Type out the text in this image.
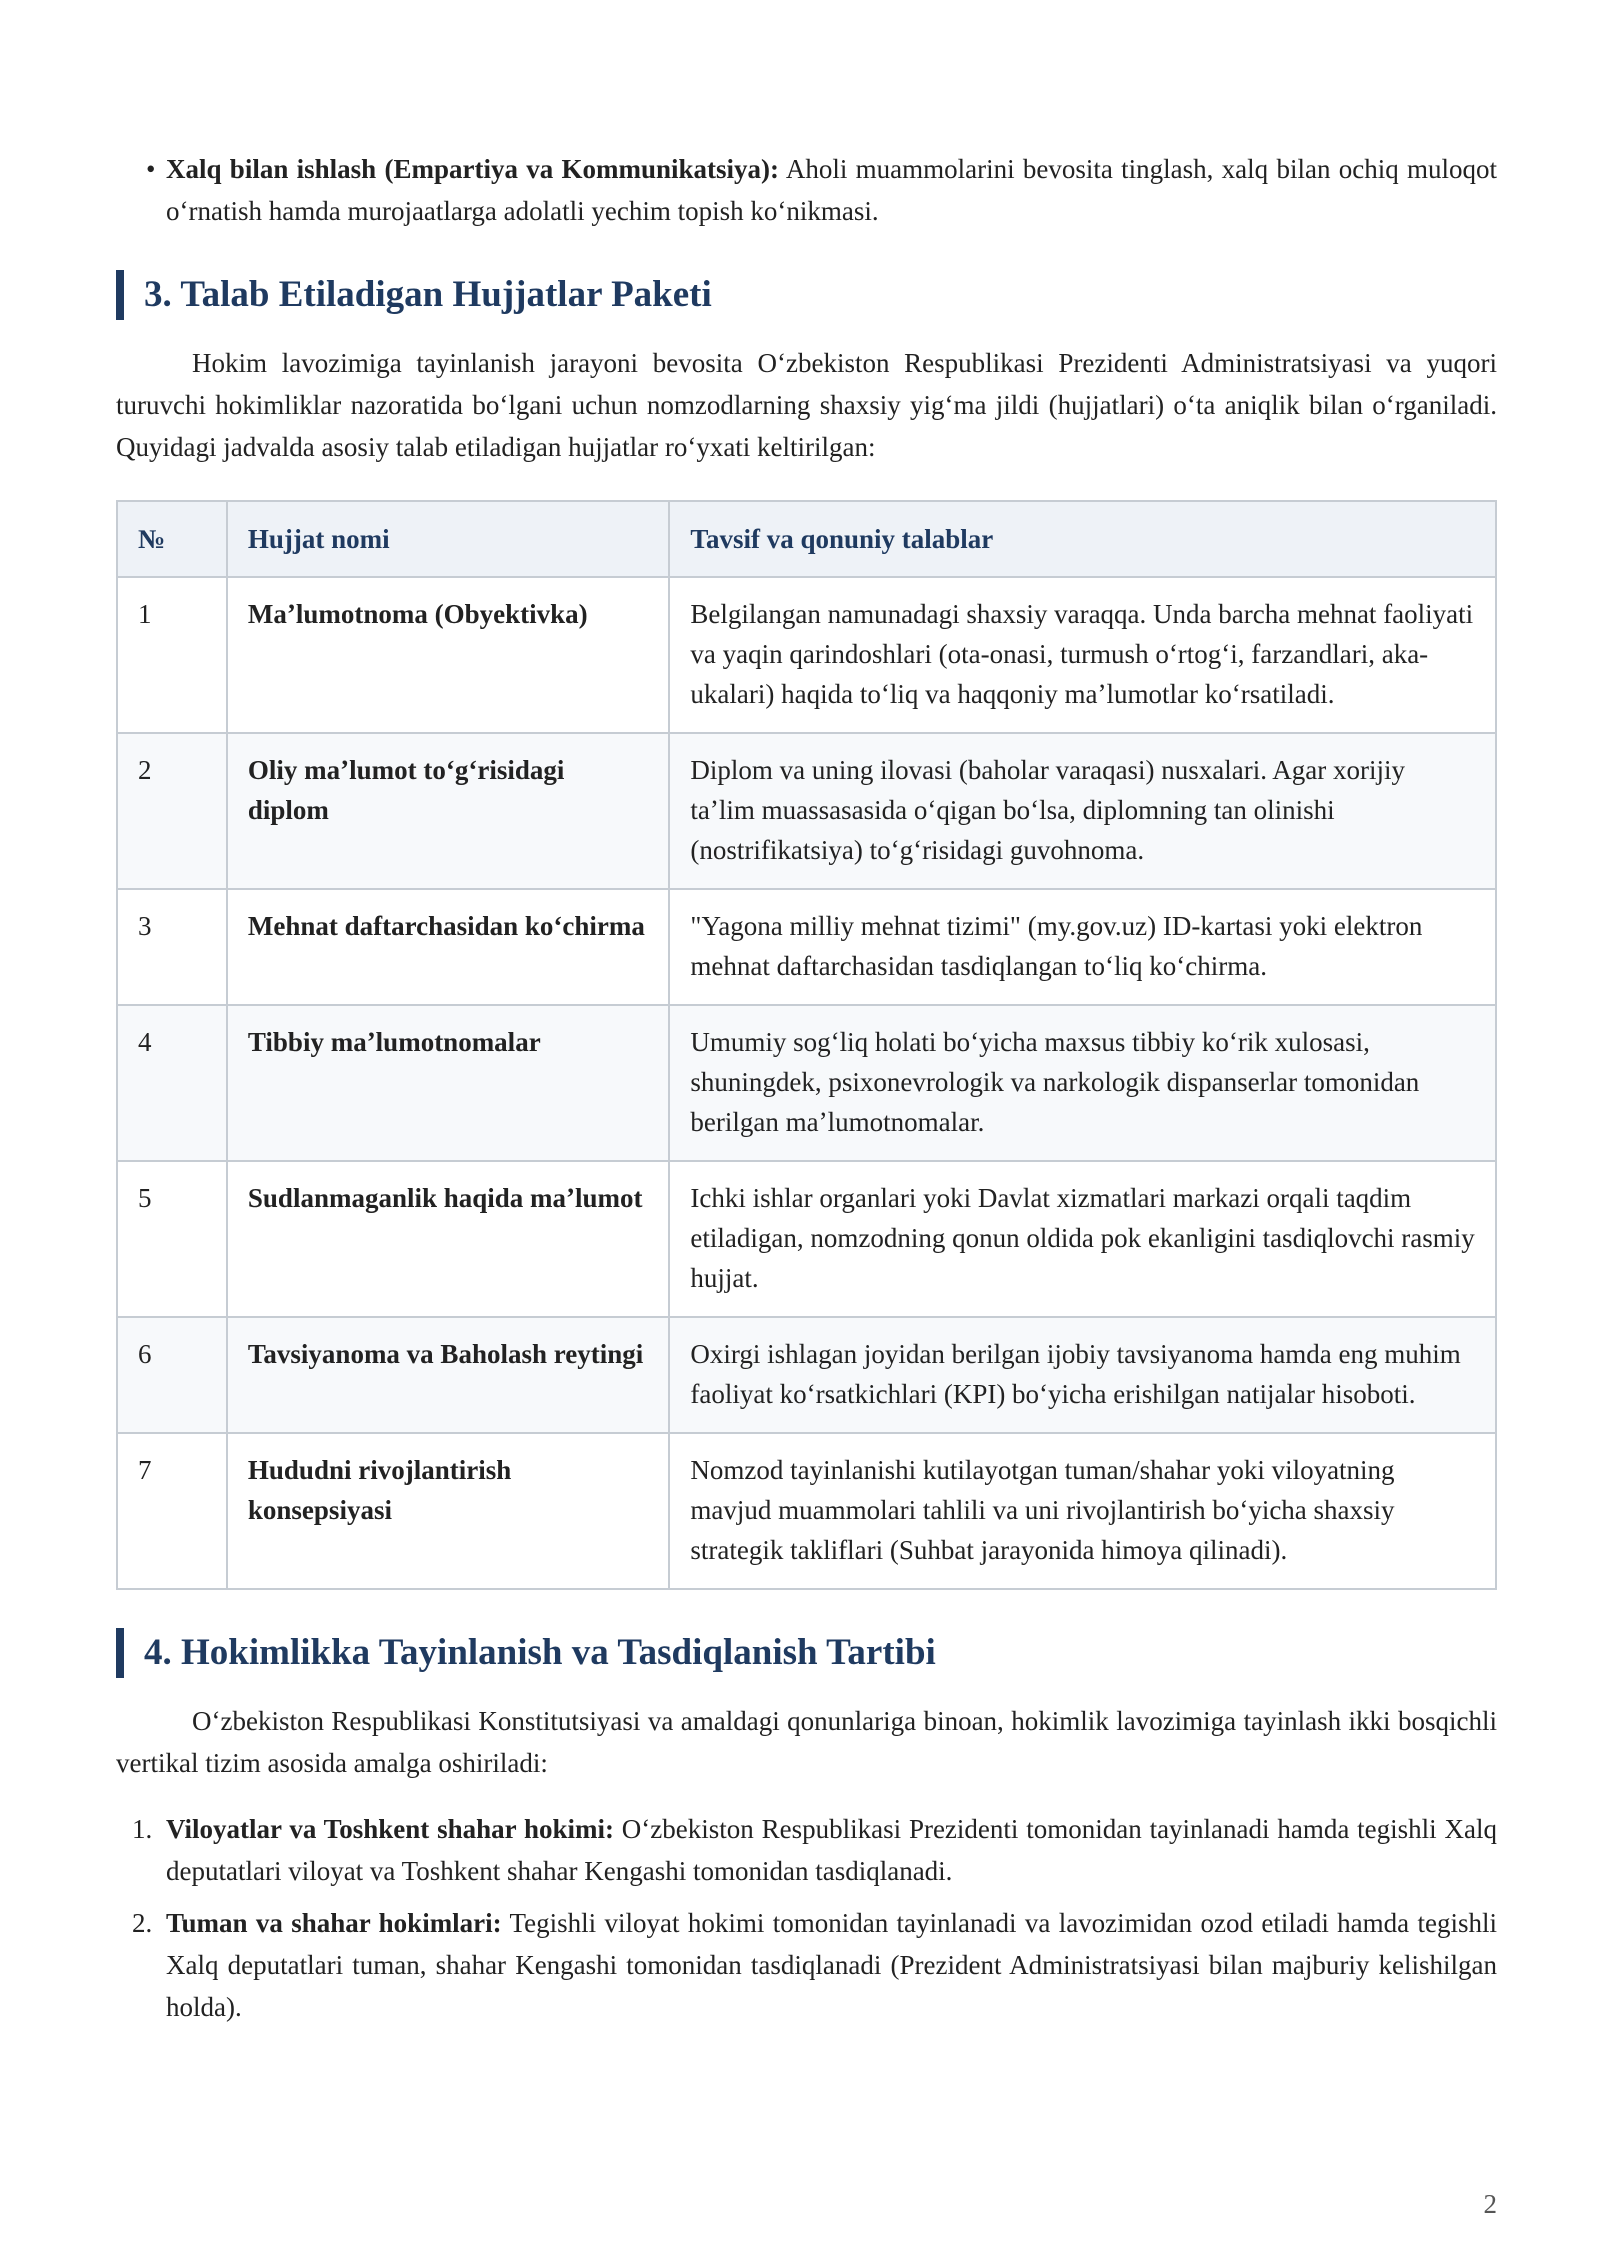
• Xalq bilan ishlash (Empartiya va Kommunikatsiya): Aholi muammolarini bevosita tinglash, xalq bilan ochiq muloqot oʻrnatish hamda murojaatlarga adolatli yechim topish koʻnikmasi.
3. Talab Etiladigan Hujjatlar Paketi
Hokim lavozimiga tayinlanish jarayoni bevosita Oʻzbekiston Respublikasi Prezidenti Administratsiyasi va yuqori turuvchi hokimliklar nazoratida boʻlgani uchun nomzodlarning shaxsiy yigʻma jildi (hujjatlari) oʻta aniqlik bilan oʻrganiladi. Quyidagi jadvalda asosiy talab etiladigan hujjatlar roʻyxati keltirilgan:
№	Hujjat nomi	Tavsif va qonuniy talablar
1	Maʼlumotnoma (Obyektivka)	Belgilangan namunadagi shaxsiy varaqqa. Unda barcha mehnat faoliyati va yaqin qarindoshlari (ota-onasi, turmush oʻrtogʻi, farzandlari, aka-ukalari) haqida toʻliq va haqqoniy maʼlumotlar koʻrsatiladi.
2	Oliy maʼlumot toʻgʻrisidagi diplom	Diplom va uning ilovasi (baholar varaqasi) nusxalari. Agar xorijiy taʼlim muassasasida oʻqigan boʻlsa, diplomning tan olinishi (nostrifikatsiya) toʻgʻrisidagi guvohnoma.
3	Mehnat daftarchasidan koʻchirma	"Yagona milliy mehnat tizimi" (my.gov.uz) ID-kartasi yoki elektron mehnat daftarchasidan tasdiqlangan toʻliq koʻchirma.
4	Tibbiy maʼlumotnomalar	Umumiy sogʻliq holati boʻyicha maxsus tibbiy koʻrik xulosasi, shuningdek, psixonevrologik va narkologik dispanserlar tomonidan berilgan maʼlumotnomalar.
5	Sudlanmaganlik haqida maʼlumot	Ichki ishlar organlari yoki Davlat xizmatlari markazi orqali taqdim etiladigan, nomzodning qonun oldida pok ekanligini tasdiqlovchi rasmiy hujjat.
6	Tavsiyanoma va Baholash reytingi	Oxirgi ishlagan joyidan berilgan ijobiy tavsiyanoma hamda eng muhim faoliyat koʻrsatkichlari (KPI) boʻyicha erishilgan natijalar hisoboti.
7	Hududni rivojlantirish konsepsiyasi	Nomzod tayinlanishi kutilayotgan tuman/shahar yoki viloyatning mavjud muammolari tahlili va uni rivojlantirish boʻyicha shaxsiy strategik takliflari (Suhbat jarayonida himoya qilinadi).
4. Hokimlikka Tayinlanish va Tasdiqlanish Tartibi
Oʻzbekiston Respublikasi Konstitutsiyasi va amaldagi qonunlariga binoan, hokimlik lavozimiga tayinlash ikki bosqichli vertikal tizim asosida amalga oshiriladi:
1. Viloyatlar va Toshkent shahar hokimi: Oʻzbekiston Respublikasi Prezidenti tomonidan tayinlanadi hamda tegishli Xalq deputatlari viloyat va Toshkent shahar Kengashi tomonidan tasdiqlanadi.
2. Tuman va shahar hokimlari: Tegishli viloyat hokimi tomonidan tayinlanadi va lavozimidan ozod etiladi hamda tegishli Xalq deputatlari tuman, shahar Kengashi tomonidan tasdiqlanadi (Prezident Administratsiyasi bilan majburiy kelishilgan holda).
2
